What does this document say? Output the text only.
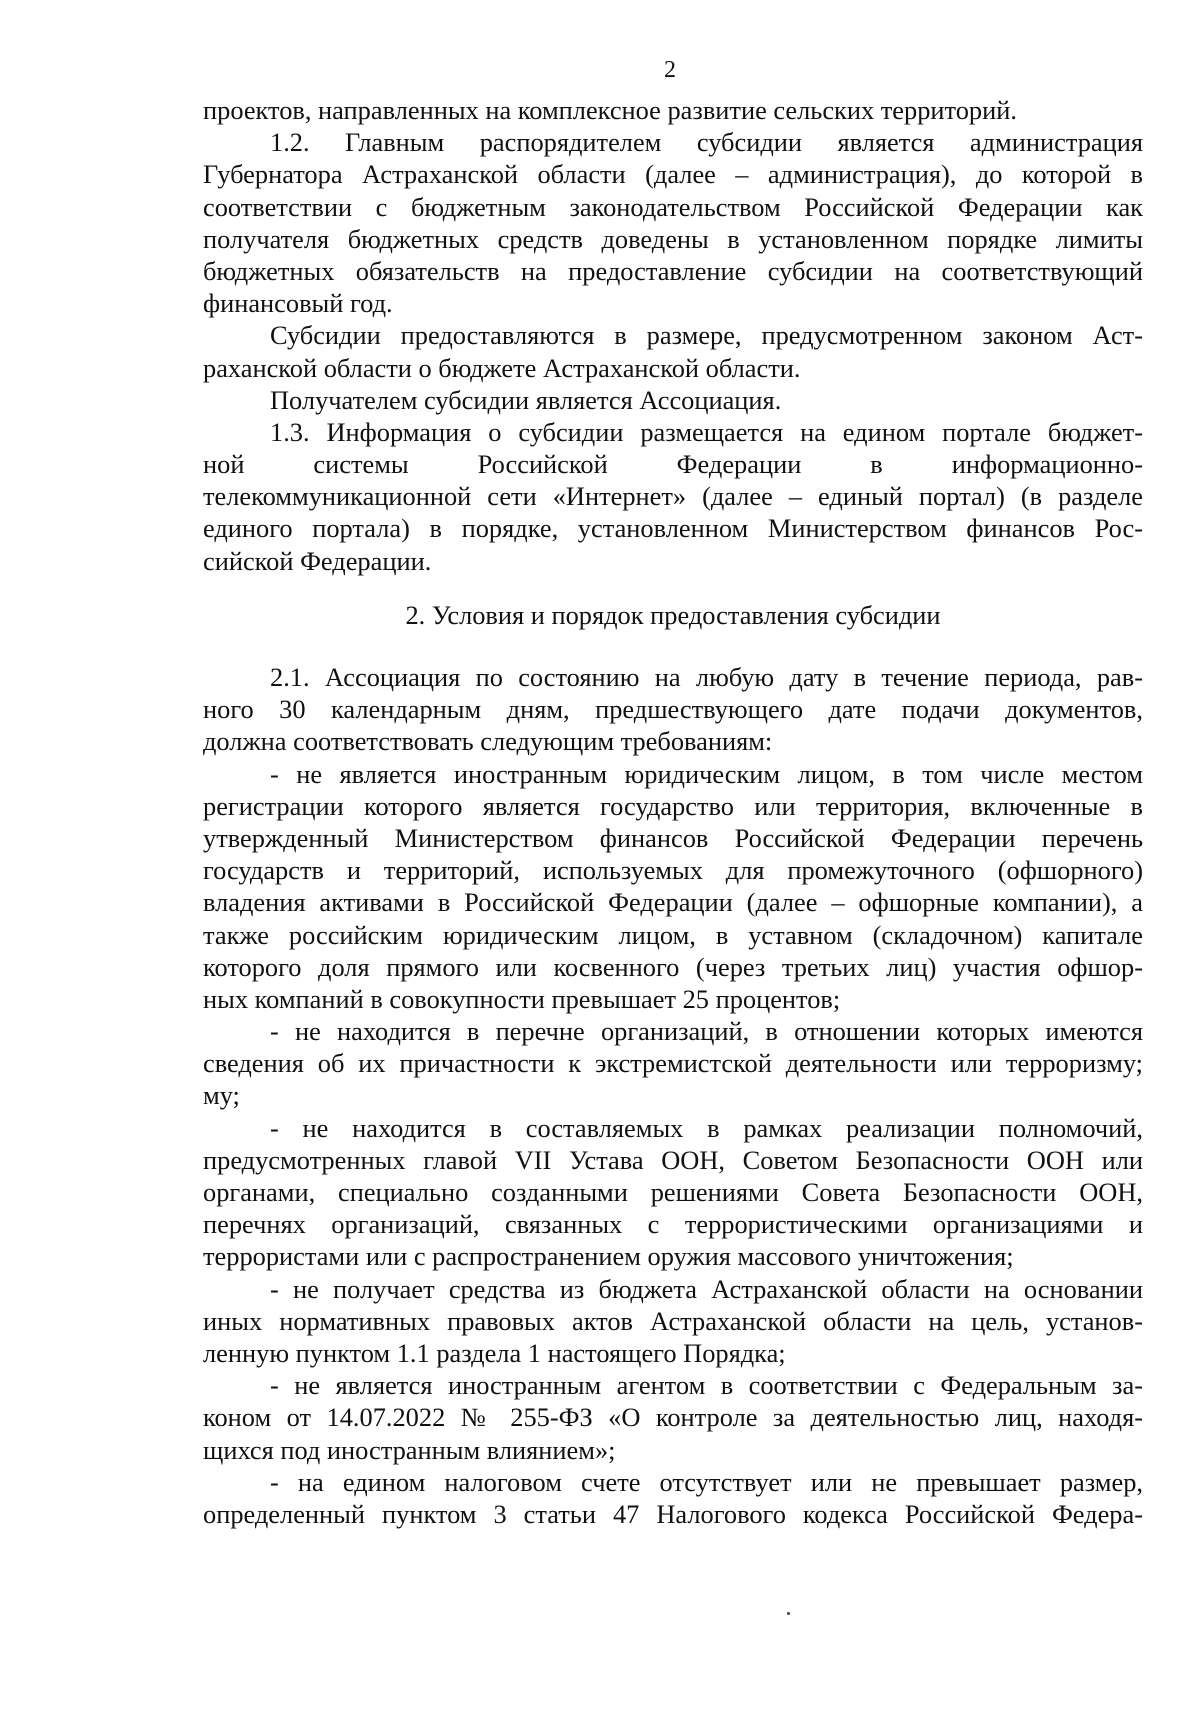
2
проектов, направленных на комплексное развитие сельских территорий.
1.2. Главным распорядителем субсидии является администрация
Губернатора Астраханской области (далее – администрация), до которой в
соответствии с бюджетным законодательством Российской Федерации как
получателя бюджетных средств доведены в установленном порядке лимиты
бюджетных обязательств на предоставление субсидии на соответствующий
финансовый год.
Субсидии предоставляются в размере, предусмотренном законом Аст-
раханской области о бюджете Астраханской области.
Получателем субсидии является Ассоциация.
1.3. Информация о субсидии размещается на едином портале бюджет-
ной системы Российской Федерации в информационно-
телекоммуникационной сети «Интернет» (далее – единый портал) (в разделе
единого портала) в порядке, установленном Министерством финансов Рос-
сийской Федерации.
2. Условия и порядок предоставления субсидии
2.1. Ассоциация по состоянию на любую дату в течение периода, рав-
ного 30 календарным дням, предшествующего дате подачи документов,
должна соответствовать следующим требованиям:
- не является иностранным юридическим лицом, в том числе местом
регистрации которого является государство или территория, включенные в
утвержденный Министерством финансов Российской Федерации перечень
государств и территорий, используемых для промежуточного (офшорного)
владения активами в Российской Федерации (далее – офшорные компании), а
также российским юридическим лицом, в уставном (складочном) капитале
которого доля прямого или косвенного (через третьих лиц) участия офшор-
ных компаний в совокупности превышает 25 процентов;
- не находится в перечне организаций, в отношении которых имеются
сведения об их причастности к экстремистской деятельности или терроризму;
му;
- не находится в составляемых в рамках реализации полномочий,
предусмотренных главой VII Устава ООН, Советом Безопасности ООН или
органами, специально созданными решениями Совета Безопасности ООН,
перечнях организаций, связанных с террористическими организациями и
террористами или с распространением оружия массового уничтожения;
- не получает средства из бюджета Астраханской области на основании
иных нормативных правовых актов Астраханской области на цель, установ-
ленную пунктом 1.1 раздела 1 настоящего Порядка;
- не является иностранным агентом в соответствии с Федеральным за-
коном от 14.07.2022 № 255-ФЗ «О контроле за деятельностью лиц, находя-
щихся под иностранным влиянием»;
- на едином налоговом счете отсутствует или не превышает размер,
определенный пунктом 3 статьи 47 Налогового кодекса Российской Федера-
